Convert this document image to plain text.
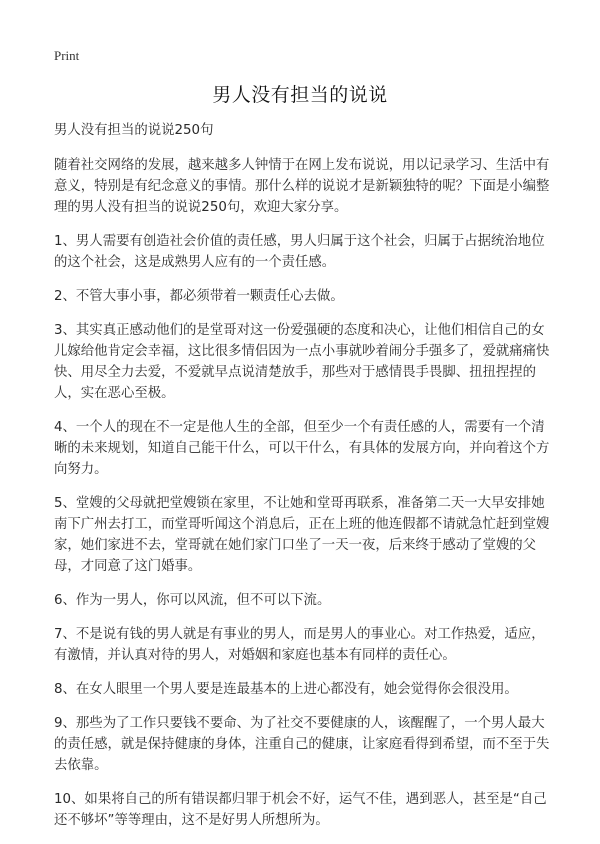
Print
男人没有担当的说说

男人没有担当的说说250句

随着社交网络的发展，越来越多人钟情于在网上发布说说，用以记录学习、生活中有意义，特别是有纪念意义的事情。那什么样的说说才是新颖独特的呢？下面是小编整理的男人没有担当的说说250句，欢迎大家分享。

1、男人需要有创造社会价值的责任感，男人归属于这个社会，归属于占据统治地位的这个社会，这是成熟男人应有的一个责任感。

2、不管大事小事，都必须带着一颗责任心去做。

3、其实真正感动他们的是堂哥对这一份爱强硬的态度和决心，让他们相信自己的女儿嫁给他肯定会幸福，这比很多情侣因为一点小事就吵着闹分手强多了，爱就痛痛快快、用尽全力去爱，不爱就早点说清楚放手，那些对于感情畏手畏脚、扭扭捏捏的人，实在恶心至极。

4、一个人的现在不一定是他人生的全部，但至少一个有责任感的人，需要有一个清晰的未来规划，知道自己能干什么，可以干什么，有具体的发展方向，并向着这个方向努力。

5、堂嫂的父母就把堂嫂锁在家里，不让她和堂哥再联系，准备第二天一大早安排她南下广州去打工，而堂哥听闻这个消息后，正在上班的他连假都不请就急忙赶到堂嫂家，她们家进不去，堂哥就在她们家门口坐了一天一夜，后来终于感动了堂嫂的父母，才同意了这门婚事。

6、作为一男人，你可以风流，但不可以下流。

7、不是说有钱的男人就是有事业的男人，而是男人的事业心。对工作热爱，适应，有激情，并认真对待的男人，对婚姻和家庭也基本有同样的责任心。

8、在女人眼里一个男人要是连最基本的上进心都没有，她会觉得你会很没用。

9、那些为了工作只要钱不要命、为了社交不要健康的人，该醒醒了，一个男人最大的责任感，就是保持健康的身体，注重自己的健康，让家庭看得到希望，而不至于失去依靠。

10、如果将自己的所有错误都归罪于机会不好，运气不佳，遇到恶人，甚至是“自己还不够坏”等等理由，这不是好男人所想所为。
